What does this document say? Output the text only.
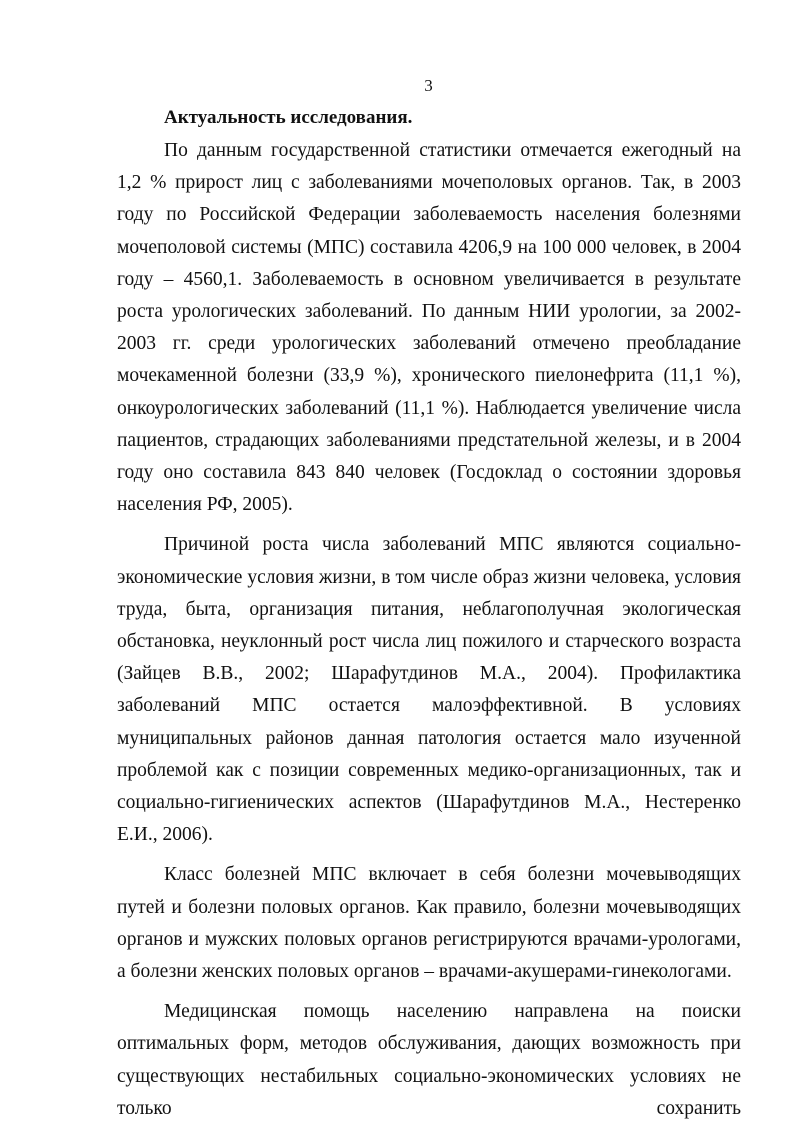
3

Актуальность исследования.

По данным государственной статистики отмечается ежегодный на 1,2 % прирост лиц с заболеваниями мочеполовых органов. Так, в 2003 году по Российской Федерации заболеваемость населения болезнями мочеполовой системы (МПС) составила 4206,9 на 100 000 человек, в 2004 году – 4560,1. Заболеваемость в основном увеличивается в результате роста урологических заболеваний. По данным НИИ урологии, за 2002-2003 гг. среди урологических заболеваний отмечено преобладание мочекаменной болезни (33,9 %), хронического пиелонефрита (11,1 %), онкоурологических заболеваний (11,1 %). Наблюдается увеличение числа пациентов, страдающих заболеваниями предстательной железы, и в 2004 году оно составила 843 840 человек (Госдоклад о состоянии здоровья населения РФ, 2005).

Причиной роста числа заболеваний МПС являются социально-экономические условия жизни, в том числе образ жизни человека, условия труда, быта, организация питания, неблагополучная экологическая обстановка, неуклонный рост числа лиц пожилого и старческого возраста (Зайцев В.В., 2002; Шарафутдинов М.А., 2004). Профилактика заболеваний МПС остается малоэффективной. В условиях муниципальных районов данная патология остается мало изученной проблемой как с позиции современных медико-организационных, так и социально-гигиенических аспектов (Шарафутдинов М.А., Нестеренко Е.И., 2006).

Класс болезней МПС включает в себя болезни мочевыводящих путей и болезни половых органов. Как правило, болезни мочевыводящих органов и мужских половых органов регистрируются врачами-урологами, а болезни женских половых органов – врачами-акушерами-гинекологами.

Медицинская помощь населению направлена на поиски оптимальных форм, методов обслуживания, дающих возможность при существующих нестабильных социально-экономических условиях не только сохранить
